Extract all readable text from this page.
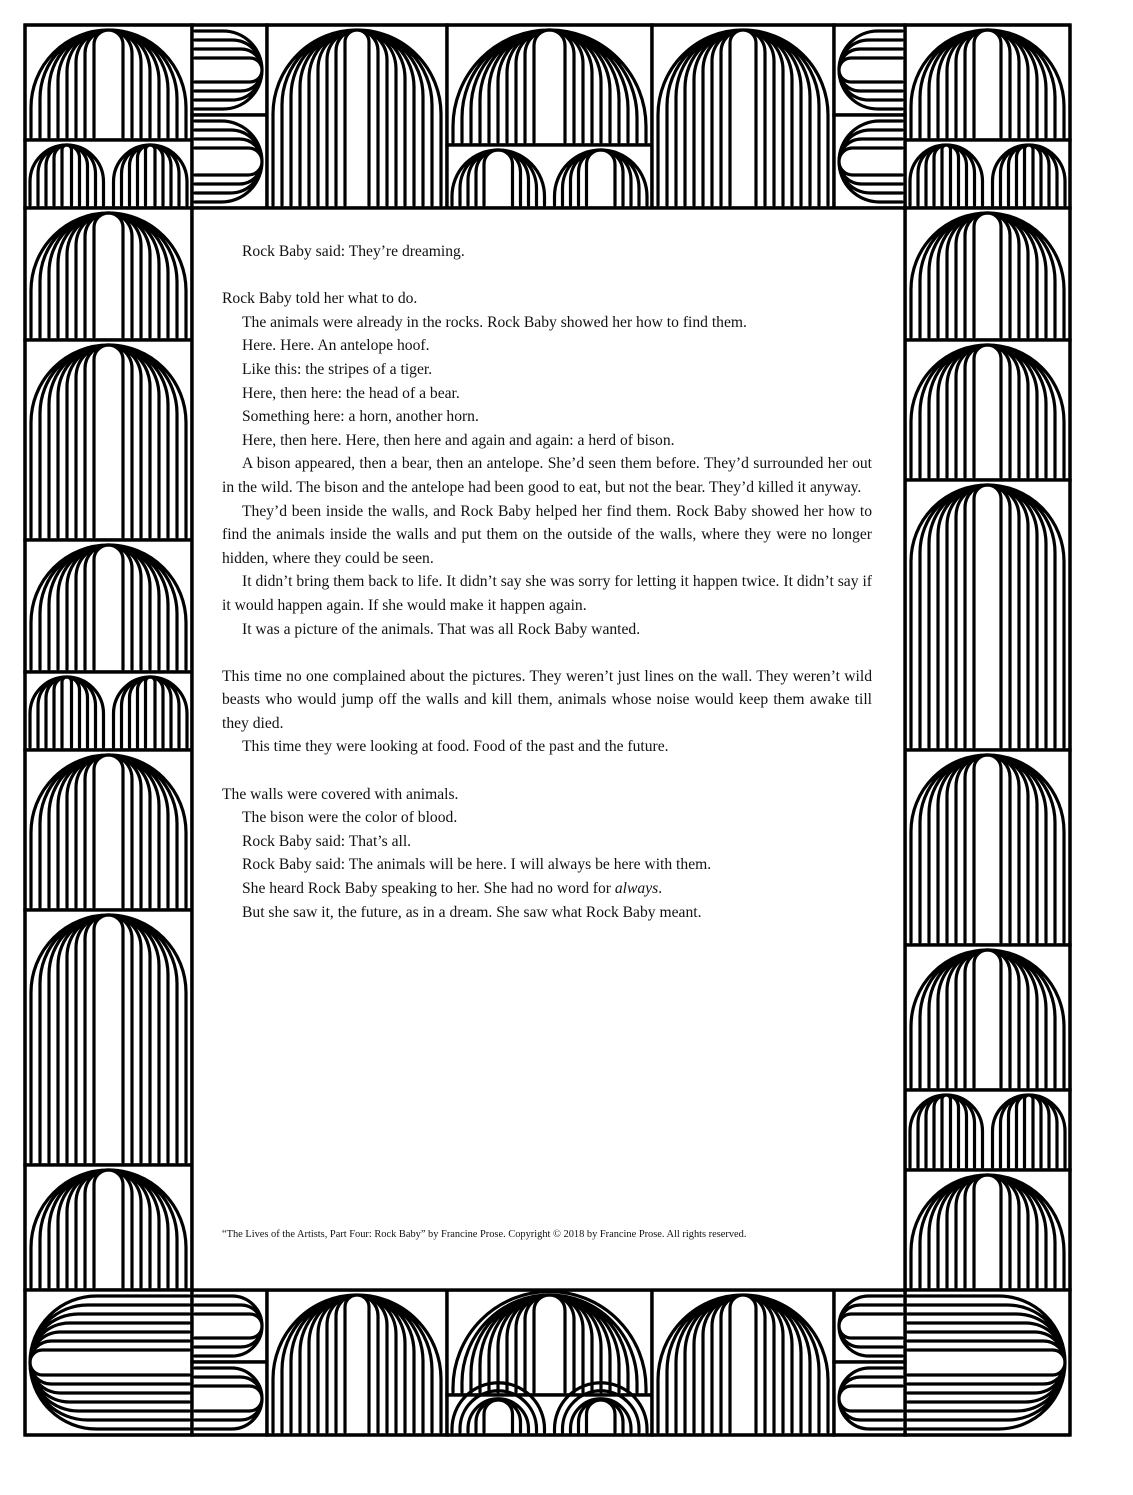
Rock Baby said: They’re dreaming.

Rock Baby told her what to do.

The animals were already in the rocks. Rock Baby showed her how to find them.

Here. Here. An antelope hoof.

Like this: the stripes of a tiger.

Here, then here: the head of a bear.

Something here: a horn, another horn.

Here, then here. Here, then here and again and again: a herd of bison.

A bison appeared, then a bear, then an antelope. She’d seen them before. They’d surrounded her out in the wild. The bison and the antelope had been good to eat, but not the bear. They’d killed it anyway.

They’d been inside the walls, and Rock Baby helped her find them. Rock Baby showed her how to find the animals inside the walls and put them on the outside of the walls, where they were no longer hidden, where they could be seen.

It didn’t bring them back to life. It didn’t say she was sorry for letting it happen twice. It didn’t say if it would happen again. If she would make it happen again.

It was a picture of the animals. That was all Rock Baby wanted.

This time no one complained about the pictures. They weren’t just lines on the wall. They weren’t wild beasts who would jump off the walls and kill them, animals whose noise would keep them awake till they died.

This time they were looking at food. Food of the past and the future.

The walls were covered with animals.

The bison were the color of blood.

Rock Baby said: That’s all.

Rock Baby said: The animals will be here. I will always be here with them.

She heard Rock Baby speaking to her. She had no word for always.

But she saw it, the future, as in a dream. She saw what Rock Baby meant.

“The Lives of the Artists, Part Four: Rock Baby” by Francine Prose. Copyright © 2018 by Francine Prose. All rights reserved.
